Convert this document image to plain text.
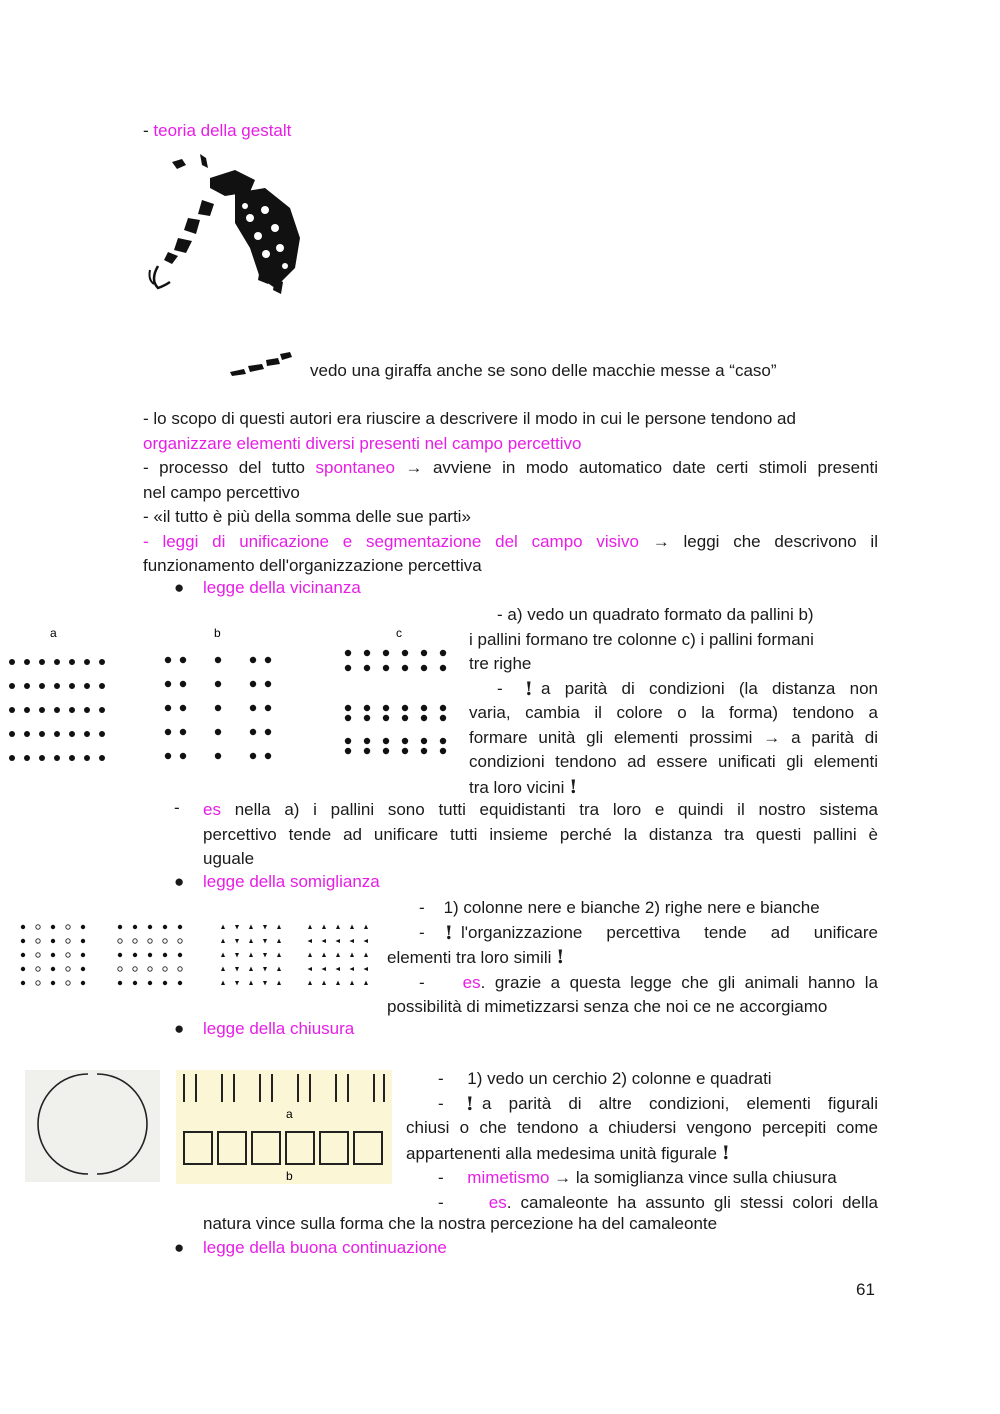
- teoria della gestalt
vedo una giraffa anche se sono delle macchie messe a “caso”
- lo scopo di questi autori era riuscire a descrivere il modo in cui le persone tendono ad
organizzare elementi diversi presenti nel campo percettivo
- processo del tutto spontaneo → avviene in modo automatico date certi stimoli presenti
nel campo percettivo
- «il tutto è più della somma delle sue parti»
- leggi di unificazione e segmentazione del campo visivo → leggi che descrivono il
funzionamento dell'organizzazione percettiva
● legge della vicinanza
a	b	c
- a) vedo un quadrato formato da pallini b)
i pallini formano tre colonne c) i pallini formani
tre righe
- ! a parità di condizioni (la distanza non
varia, cambia il colore o la forma) tendono a
formare unità gli elementi prossimi → a parità di
condizioni tendono ad essere unificati gli elementi
tra loro vicini !
- es nella a) i pallini sono tutti equidistanti tra loro e quindi il nostro sistema
percettivo tende ad unificare tutti insieme perché la distanza tra questi pallini è
uguale
● legge della somiglianza
-    1) colonne nere e bianche 2) righe nere e bianche
- ! l'organizzazione percettiva tende ad unificare
elementi tra loro simili !
-    es. grazie a questa legge che gli animali hanno la
possibilità di mimetizzarsi senza che noi ce ne accorgiamo
● legge della chiusura
a
b
-     1) vedo un cerchio 2) colonne e quadrati
- ! a parità di altre condizioni, elementi figurali
chiusi o che tendono a chiudersi vengono percepiti come
appartenenti alla medesima unità figurale !
-     mimetismo → la somiglianza vince sulla chiusura
-     es. camaleonte ha assunto gli stessi colori della
natura vince sulla forma che la nostra percezione ha del camaleonte
● legge della buona continuazione
61
